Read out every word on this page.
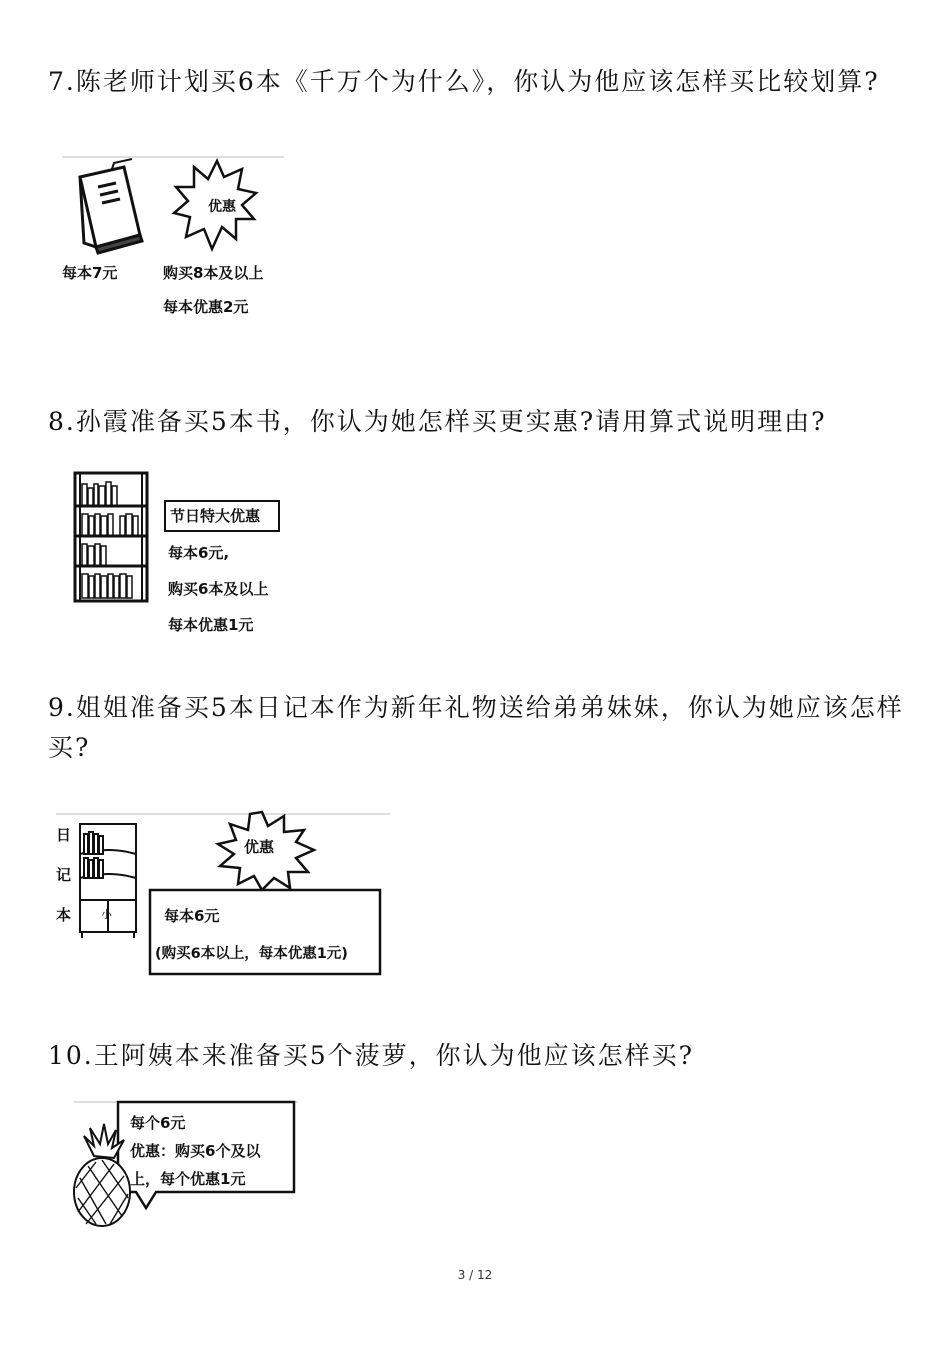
7.陈老师计划买6本《千万个为什么》，你认为他应该怎样买比较划算?
优惠
每本7元	购买8本及以上
每本优惠2元
8.孙霞准备买5本书，你认为她怎样买更实惠?请用算式说明理由?
节日特大优惠
每本6元,
购买6本及以上
每本优惠1元
9.姐姐准备买5本日记本作为新年礼物送给弟弟妹妹，你认为她应该怎样买?
日
记
本	小
优惠
每本6元
(购买6本以上，每本优惠1元)
10.王阿姨本来准备买5个菠萝，你认为他应该怎样买?
每个6元
优惠：购买6个及以
上，每个优惠1元
3 / 12
